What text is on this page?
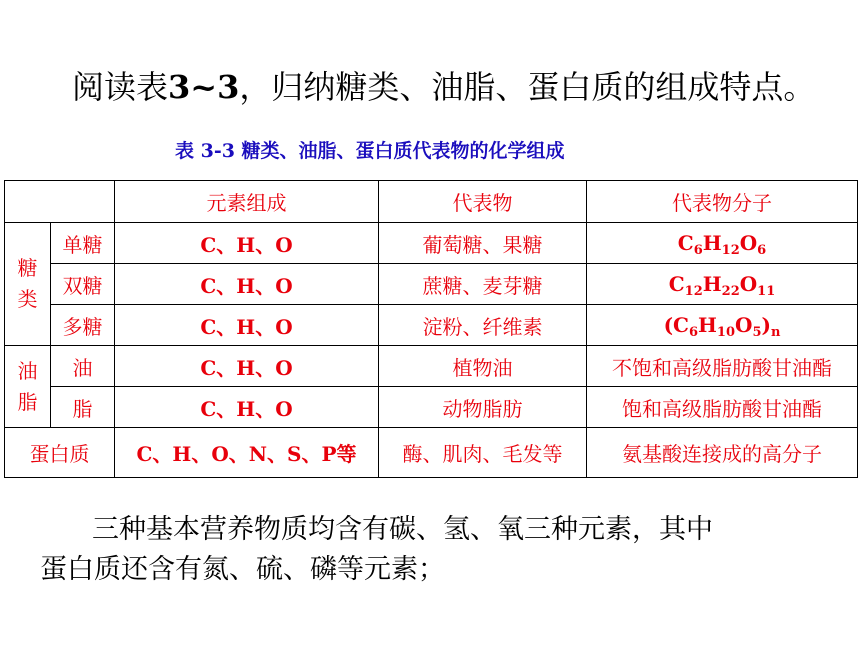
阅读表3~3，归纳糖类、油脂、蛋白质的组成特点。
表 3-3 糖类、油脂、蛋白质代表物的化学组成
		元素组成	代表物	代表物分子
糖类	单糖	C、H、O	葡萄糖、果糖	$C_6H_{12}O_6$
	双糖	C、H、O	蔗糖、麦芽糖	$C_{12}H_{22}O_{11}$
	多糖	C、H、O	淀粉、纤维素	$(C_6H_{10}O_5)_n$
油脂	油	C、H、O	植物油	不饱和高级脂肪酸甘油酯
	脂	C、H、O	动物脂肪	饱和高级脂肪酸甘油酯
蛋白质		C、H、O、N、S、P等	酶、肌肉、毛发等	氨基酸连接成的高分子
三种基本营养物质均含有碳、氢、氧三种元素，其中
蛋白质还含有氮、硫、磷等元素；
